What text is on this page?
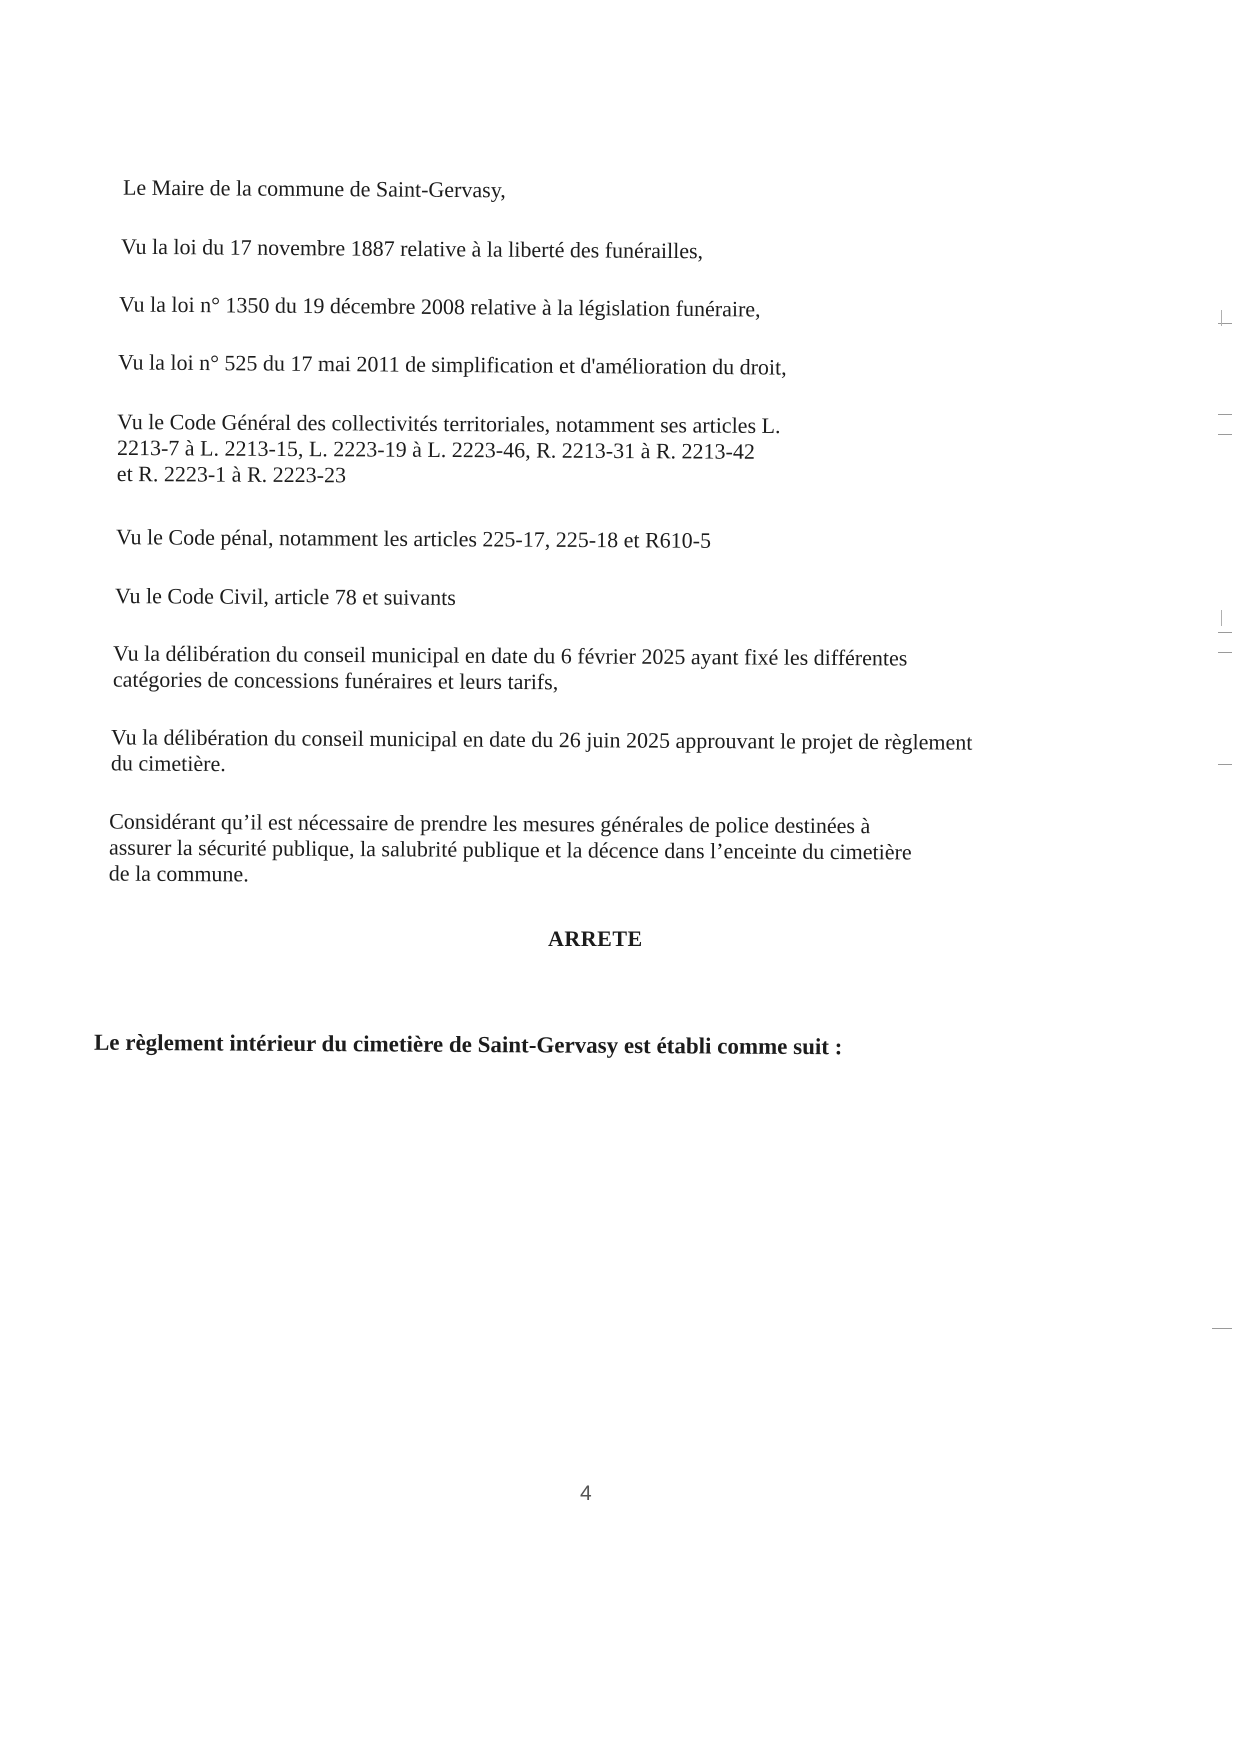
Le Maire de la commune de Saint-Gervasy,
Vu la loi du 17 novembre 1887 relative à la liberté des funérailles,
Vu la loi n° 1350 du 19 décembre 2008 relative à la législation funéraire,
Vu la loi n° 525 du 17 mai 2011 de simplification et d'amélioration du droit,
Vu le Code Général des collectivités territoriales, notamment ses articles L.
2213-7 à L. 2213-15, L. 2223-19 à L. 2223-46, R. 2213-31 à R. 2213-42
et R. 2223-1 à R. 2223-23
Vu le Code pénal, notamment les articles 225-17, 225-18 et R610-5
Vu le Code Civil, article 78 et suivants
Vu la délibération du conseil municipal en date du 6 février 2025 ayant fixé les différentes
catégories de concessions funéraires et leurs tarifs,
Vu la délibération du conseil municipal en date du 26 juin 2025 approuvant le projet de règlement
du cimetière.
Considérant qu’il est nécessaire de prendre les mesures générales de police destinées à
assurer la sécurité publique, la salubrité publique et la décence dans l’enceinte du cimetière
de la commune.
ARRETE
Le règlement intérieur du cimetière de Saint-Gervasy est établi comme suit :
4
